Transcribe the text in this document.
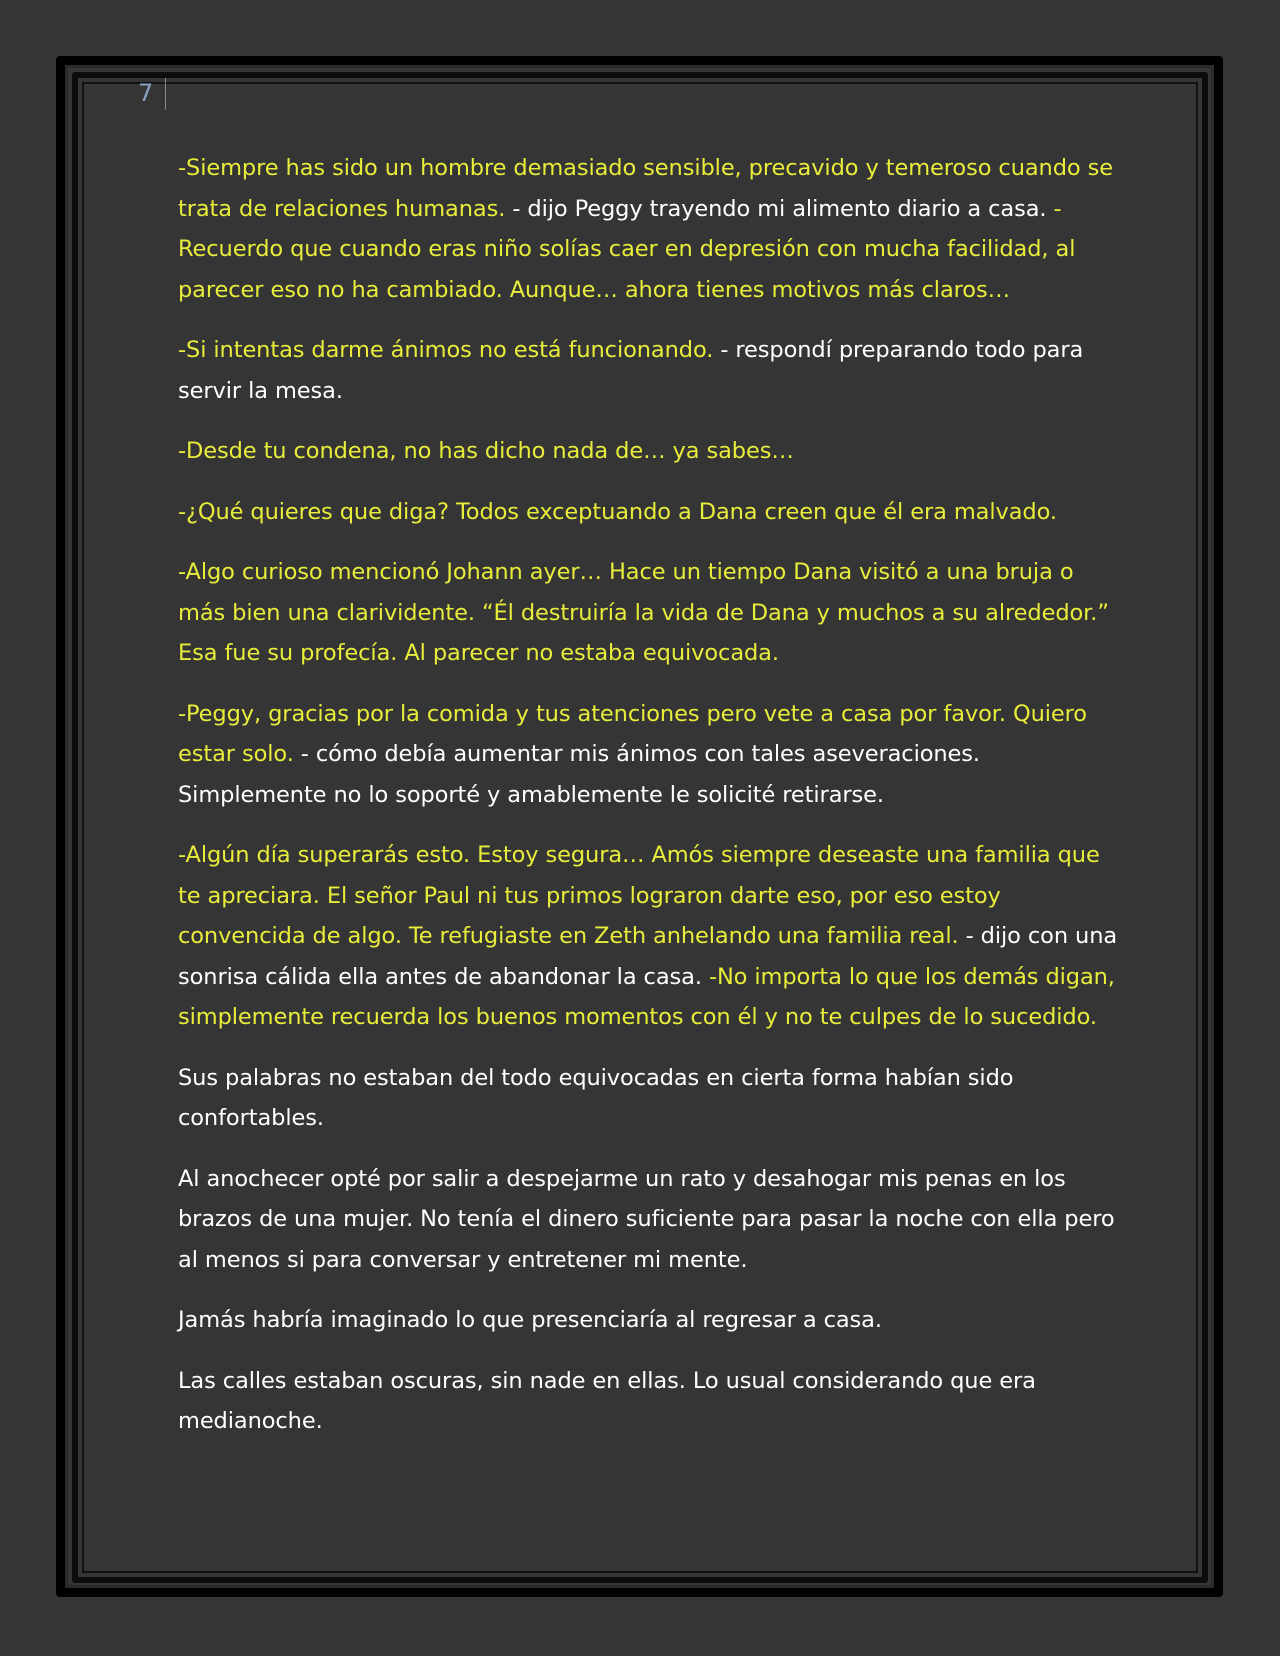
7

-Siempre has sido un hombre demasiado sensible, precavido y temeroso cuando se trata de relaciones humanas. - dijo Peggy trayendo mi alimento diario a casa. -Recuerdo que cuando eras niño solías caer en depresión con mucha facilidad, al parecer eso no ha cambiado. Aunque… ahora tienes motivos más claros…

-Si intentas darme ánimos no está funcionando. - respondí preparando todo para servir la mesa.

-Desde tu condena, no has dicho nada de… ya sabes…

-¿Qué quieres que diga? Todos exceptuando a Dana creen que él era malvado.

-Algo curioso mencionó Johann ayer… Hace un tiempo Dana visitó a una bruja o más bien una clarividente. “Él destruiría la vida de Dana y muchos a su alrededor.” Esa fue su profecía. Al parecer no estaba equivocada.

-Peggy, gracias por la comida y tus atenciones pero vete a casa por favor. Quiero estar solo. - cómo debía aumentar mis ánimos con tales aseveraciones. Simplemente no lo soporté y amablemente le solicité retirarse.

-Algún día superarás esto. Estoy segura… Amós siempre deseaste una familia que te apreciara. El señor Paul ni tus primos lograron darte eso, por eso estoy convencida de algo. Te refugiaste en Zeth anhelando una familia real. - dijo con una sonrisa cálida ella antes de abandonar la casa. -No importa lo que los demás digan, simplemente recuerda los buenos momentos con él y no te culpes de lo sucedido.

Sus palabras no estaban del todo equivocadas en cierta forma habían sido confortables.

Al anochecer opté por salir a despejarme un rato y desahogar mis penas en los brazos de una mujer. No tenía el dinero suficiente para pasar la noche con ella pero al menos si para conversar y entretener mi mente.

Jamás habría imaginado lo que presenciaría al regresar a casa.

Las calles estaban oscuras, sin nade en ellas. Lo usual considerando que era medianoche.
